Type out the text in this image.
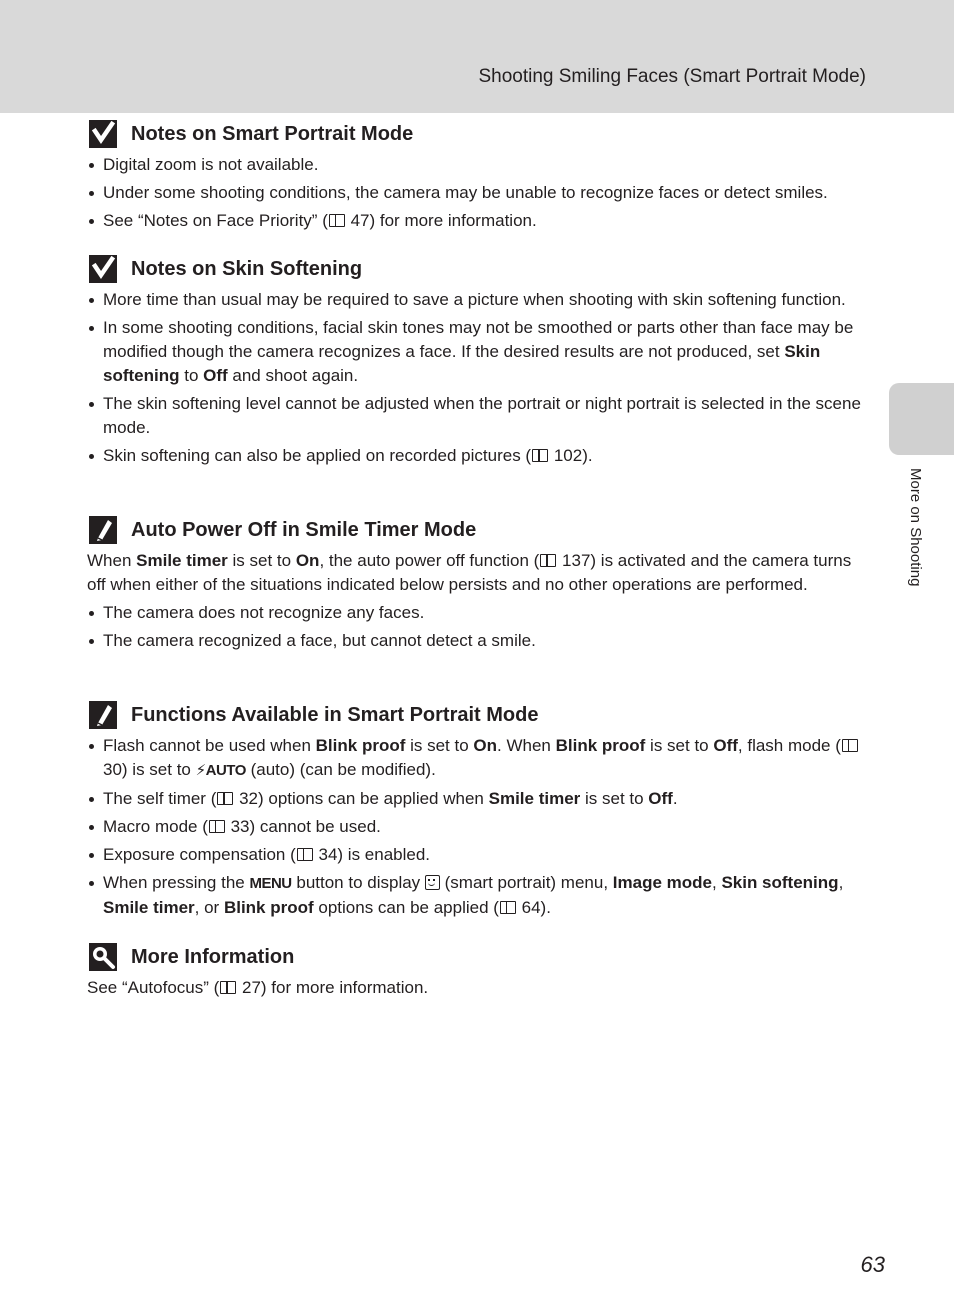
Shooting Smiling Faces (Smart Portrait Mode)
More on Shooting
Notes on Smart Portrait Mode
Digital zoom is not available.
Under some shooting conditions, the camera may be unable to recognize faces or detect smiles.
See “Notes on Face Priority” ( 47) for more information.
Notes on Skin Softening
More time than usual may be required to save a picture when shooting with skin softening function.
In some shooting conditions, facial skin tones may not be smoothed or parts other than face may be modified though the camera recognizes a face. If the desired results are not produced, set Skin softening to Off and shoot again.
The skin softening level cannot be adjusted when the portrait or night portrait is selected in the scene mode.
Skin softening can also be applied on recorded pictures ( 102).
Auto Power Off in Smile Timer Mode

When Smile timer is set to On, the auto power off function ( 137) is activated and the camera turns off when either of the situations indicated below persists and no other operations are performed.

The camera does not recognize any faces.
The camera recognized a face, but cannot detect a smile.
Functions Available in Smart Portrait Mode
Flash cannot be used when Blink proof is set to On. When Blink proof is set to Off, flash mode ( 30) is set to ⚡AUTO (auto) (can be modified).
The self timer ( 32) options can be applied when Smile timer is set to Off.
Macro mode ( 33) cannot be used.
Exposure compensation ( 34) is enabled.
When pressing the MENU button to display  (smart portrait) menu, Image mode, Skin softening, Smile timer, or Blink proof options can be applied ( 64).
More Information

See “Autofocus” ( 27) for more information.

63
